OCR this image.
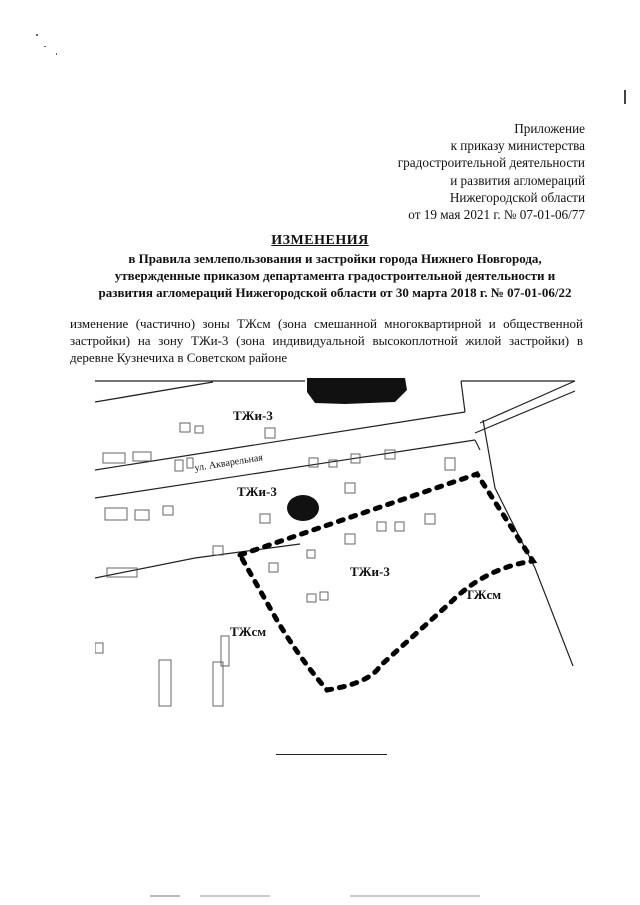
Приложение

к приказу министерства

градостроительной деятельности

и развития агломераций

Нижегородской области

от 19 мая 2021 г. № 07-01-06/77

ИЗМЕНЕНИЯ

в Правила землепользования и застройки города Нижнего Новгорода,

утвержденные приказом департамента градостроительной деятельности и

развития агломераций Нижегородской области от 30 марта 2018 г. № 07-01-06/22

изменение (частично) зоны ТЖсм (зона смешанной многоквартирной и общественной

застройки) на зону ТЖи-3 (зона индивидуальной высокоплотной жилой застройки) в

деревне Кузнечиха в Советском районе

ул. Акварельная
ТЖи-3
ТЖи-3
ТЖи-3
ТЖсм
ТЖсм
